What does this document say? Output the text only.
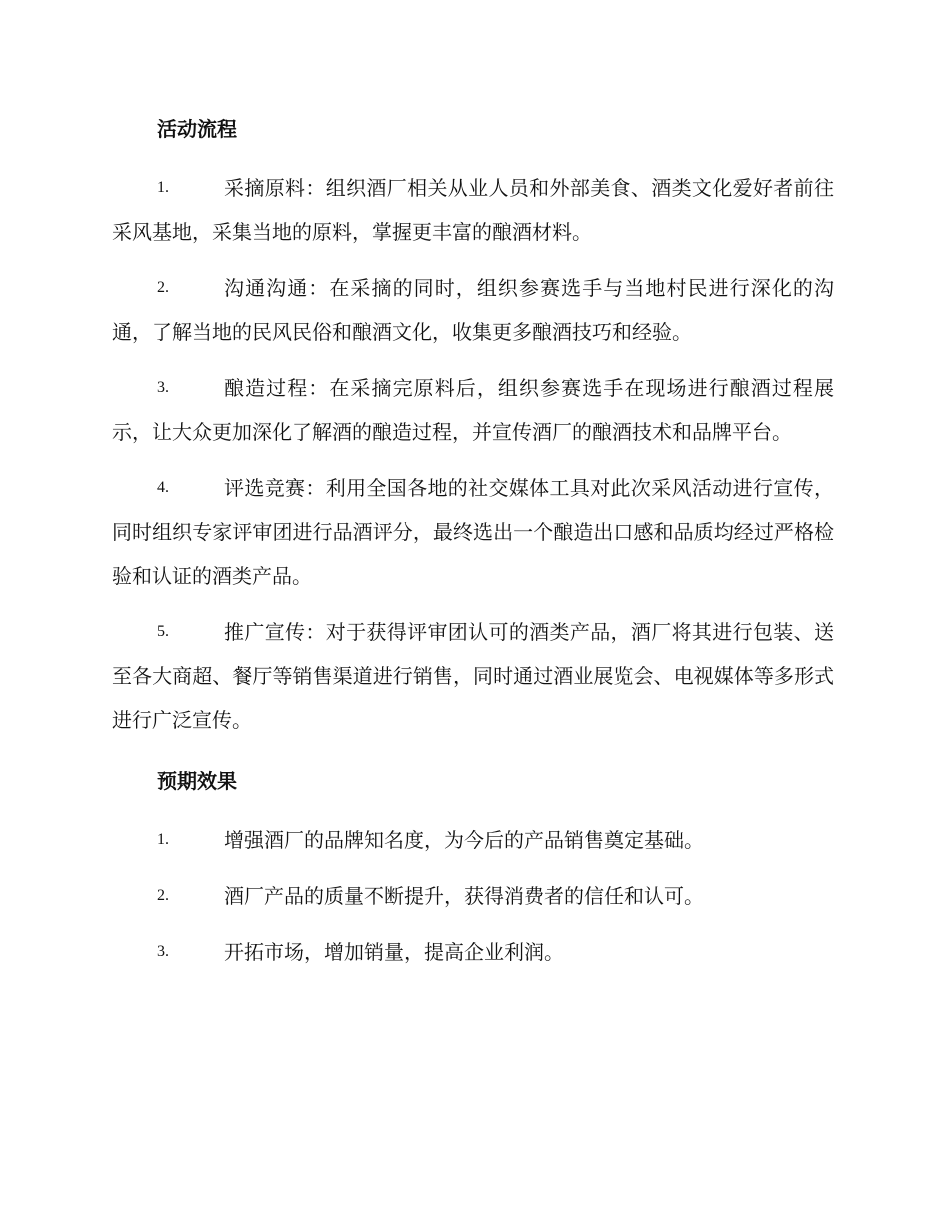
活动流程
1.	采摘原料：组织酒厂相关从业人员和外部美食、酒类文化爱好者前往采风基地，采集当地的原料，掌握更丰富的酿酒材料。
2.	沟通沟通：在采摘的同时，组织参赛选手与当地村民进行深化的沟通，了解当地的民风民俗和酿酒文化，收集更多酿酒技巧和经验。
3.	酿造过程：在采摘完原料后，组织参赛选手在现场进行酿酒过程展示，让大众更加深化了解酒的酿造过程，并宣传酒厂的酿酒技术和品牌平台。
4.	评选竞赛：利用全国各地的社交媒体工具对此次采风活动进行宣传，同时组织专家评审团进行品酒评分，最终选出一个酿造出口感和品质均经过严格检验和认证的酒类产品。
5.	推广宣传：对于获得评审团认可的酒类产品，酒厂将其进行包装、送至各大商超、餐厅等销售渠道进行销售，同时通过酒业展览会、电视媒体等多形式进行广泛宣传。
预期效果
1.	增强酒厂的品牌知名度，为今后的产品销售奠定基础。
2.	酒厂产品的质量不断提升，获得消费者的信任和认可。
3.	开拓市场，增加销量，提高企业利润。
